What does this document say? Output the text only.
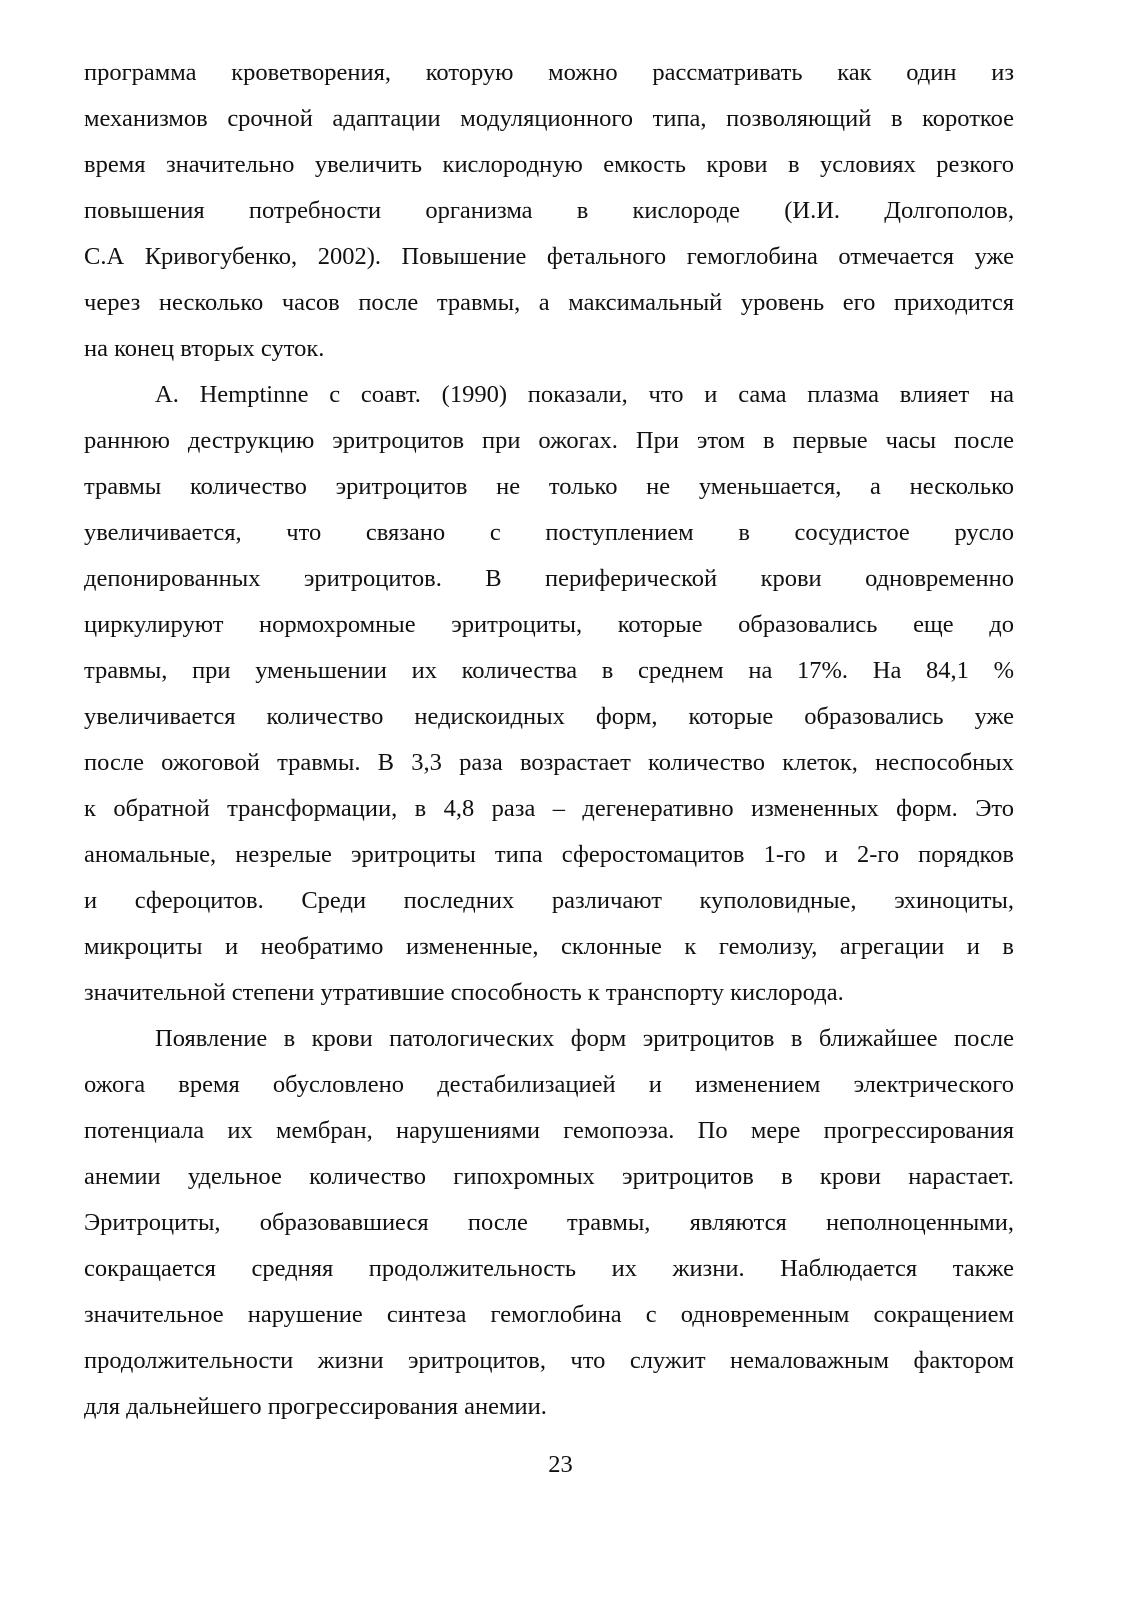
программа кроветворения, которую можно рассматривать как один из
механизмов срочной адаптации модуляционного типа, позволяющий в короткое
время значительно увеличить кислородную емкость крови в условиях резкого
повышения потребности организма в кислороде (И.И. Долгополов,
С.А Кривогубенко, 2002). Повышение фетального гемоглобина отмечается уже
через несколько часов после травмы, а максимальный уровень его приходится
на конец вторых суток.
A. Hemptinne с соавт. (1990) показали, что и сама плазма влияет на
раннюю деструкцию эритроцитов при ожогах. При этом в первые часы после
травмы количество эритроцитов не только не уменьшается, а несколько
увеличивается, что связано с поступлением в сосудистое русло
депонированных эритроцитов. В периферической крови одновременно
циркулируют нормохромные эритроциты, которые образовались еще до
травмы, при уменьшении их количества в среднем на 17%. На 84,1 %
увеличивается количество недискоидных форм, которые образовались уже
после ожоговой травмы. В 3,3 раза возрастает количество клеток, неспособных
к обратной трансформации, в 4,8 раза – дегенеративно измененных форм. Это
аномальные, незрелые эритроциты типа сферостомацитов 1-го и 2-го порядков
и сфероцитов. Среди последних различают куполовидные, эхиноциты,
микроциты и необратимо измененные, склонные к гемолизу, агрегации и в
значительной степени утратившие способность к транспорту кислорода.
Появление в крови патологических форм эритроцитов в ближайшее после
ожога время обусловлено дестабилизацией и изменением электрического
потенциала их мембран, нарушениями гемопоэза. По мере прогрессирования
анемии удельное количество гипохромных эритроцитов в крови нарастает.
Эритроциты, образовавшиеся после травмы, являются неполноценными,
сокращается средняя продолжительность их жизни. Наблюдается также
значительное нарушение синтеза гемоглобина с одновременным сокращением
продолжительности жизни эритроцитов, что служит немаловажным фактором
для дальнейшего прогрессирования анемии.
23
